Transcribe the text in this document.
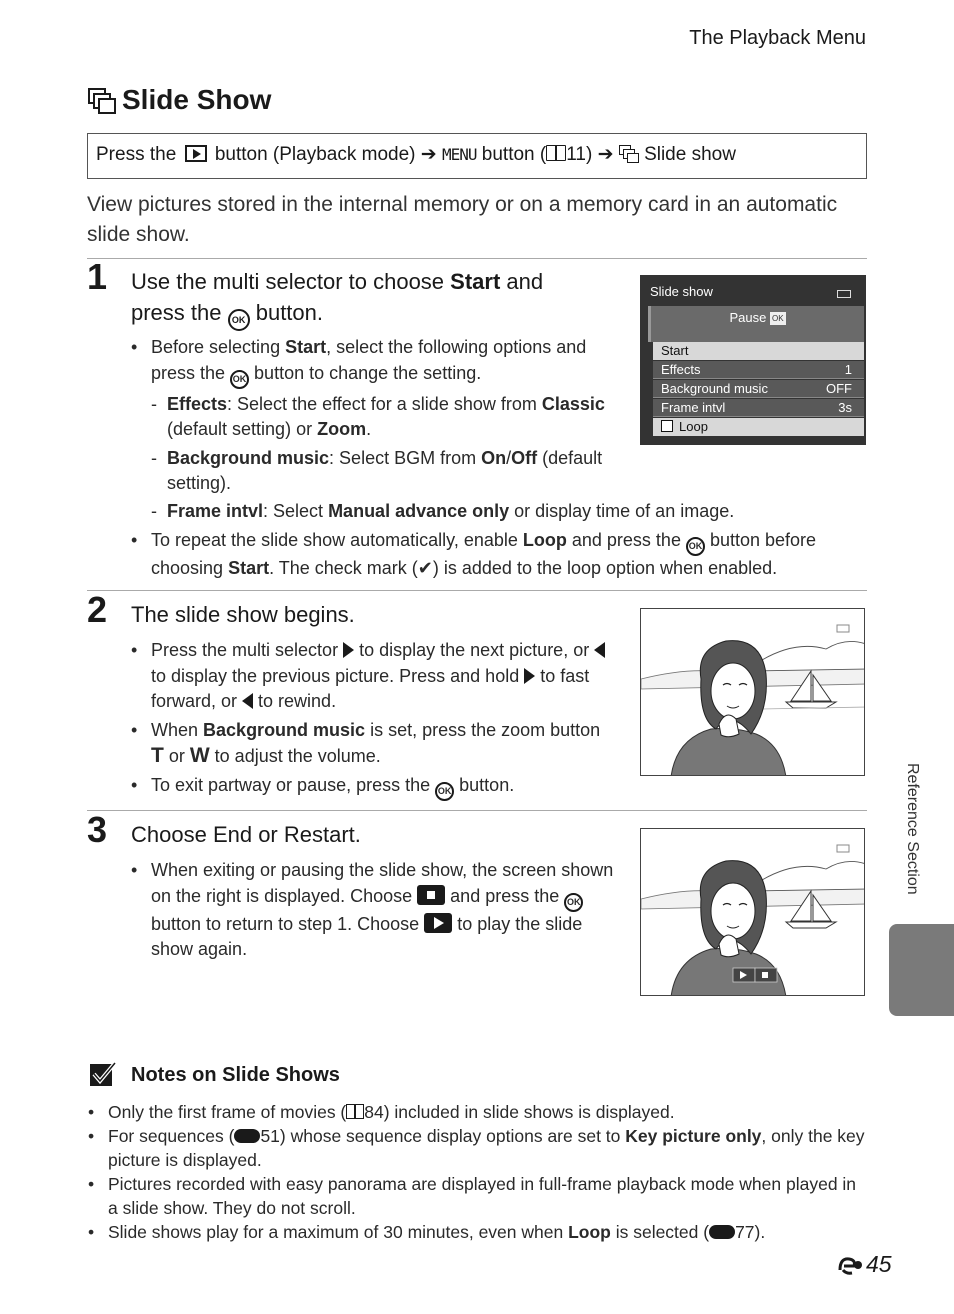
The Playback Menu
Slide Show
Press the button (Playback mode) ➔ MENU button ( 11) ➔ Slide show
View pictures stored in the internal memory or on a memory card in an automatic slide show.
1 Use the multi selector to choose Start and press the OK button.
• Before selecting Start, select the following options and press the OK button to change the setting.
- Effects: Select the effect for a slide show from Classic (default setting) or Zoom.
- Background music: Select BGM from On/Off (default setting).
- Frame intvl: Select Manual advance only or display time of an image.
• To repeat the slide show automatically, enable Loop and press the OK button before choosing Start. The check mark (✔) is added to the loop option when enabled.
Slide show
Pause OK
Start
Effects	1
Background music	OFF
Frame intvl	3s
Loop
2 The slide show begins.
• Press the multi selector  to display the next picture, or  to display the previous picture. Press and hold  to fast forward, or  to rewind.
• When Background music is set, press the zoom button T or W to adjust the volume.
• To exit partway or pause, press the OK button.
3 Choose End or Restart.
• When exiting or pausing the slide show, the screen shown on the right is displayed. Choose  and press the OK button to return to step 1. Choose  to play the slide show again.
Notes on Slide Shows
• Only the first frame of movies ( 84) included in slide shows is displayed.
• For sequences ( 51) whose sequence display options are set to Key picture only, only the key picture is displayed.
• Pictures recorded with easy panorama are displayed in full-frame playback mode when played in a slide show. They do not scroll.
• Slide shows play for a maximum of 30 minutes, even when Loop is selected ( 77).
Reference Section
45
